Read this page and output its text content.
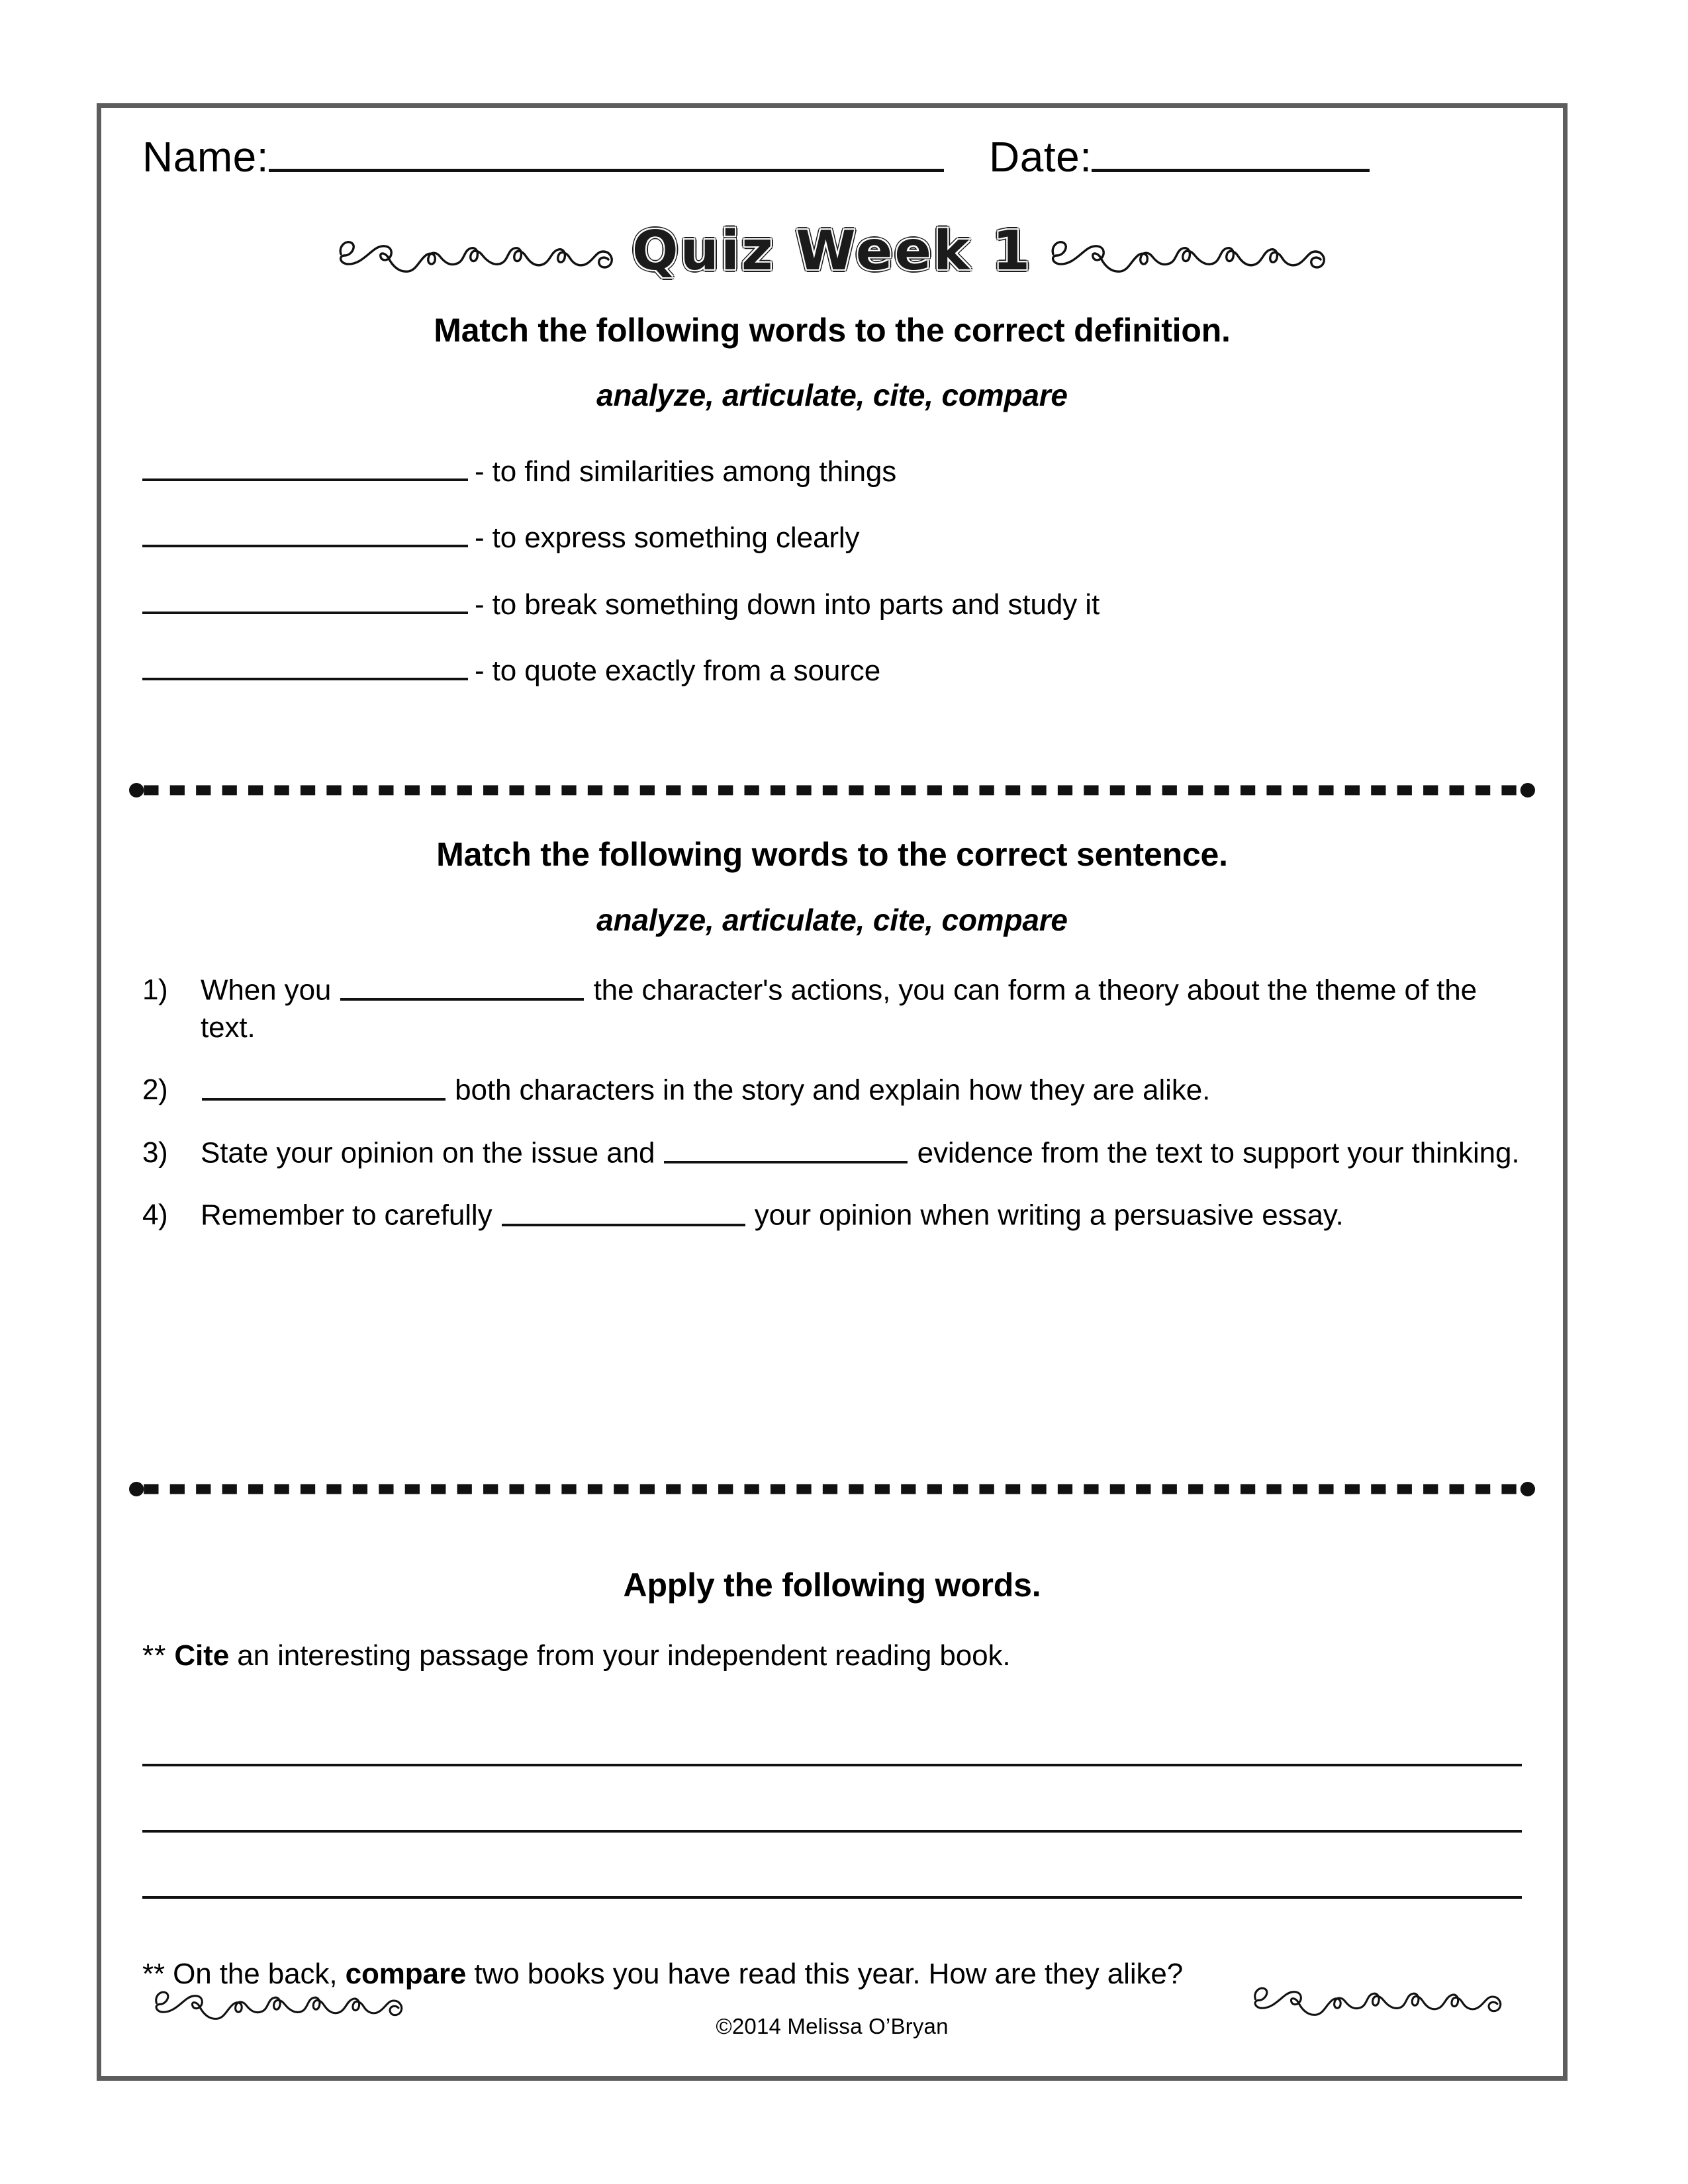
Name:	Date:
Quiz Week 1
Match the following words to the correct definition.
analyze, articulate, cite, compare
- to find similarities among things
- to express something clearly
- to break something down into parts and study it
- to quote exactly from a source
Match the following words to the correct sentence.
analyze, articulate, cite, compare
1)	When you	the character's actions, you can form a theory about the theme of the text.
2)	both characters in the story and explain how they are alike.
3)	State your opinion on the issue and	evidence from the text to support your thinking.
4)	Remember to carefully	your opinion when writing a persuasive essay.
Apply the following words.
** Cite an interesting passage from your independent reading book.
** On the back, compare two books you have read this year. How are they alike?
©2014 Melissa O’Bryan
